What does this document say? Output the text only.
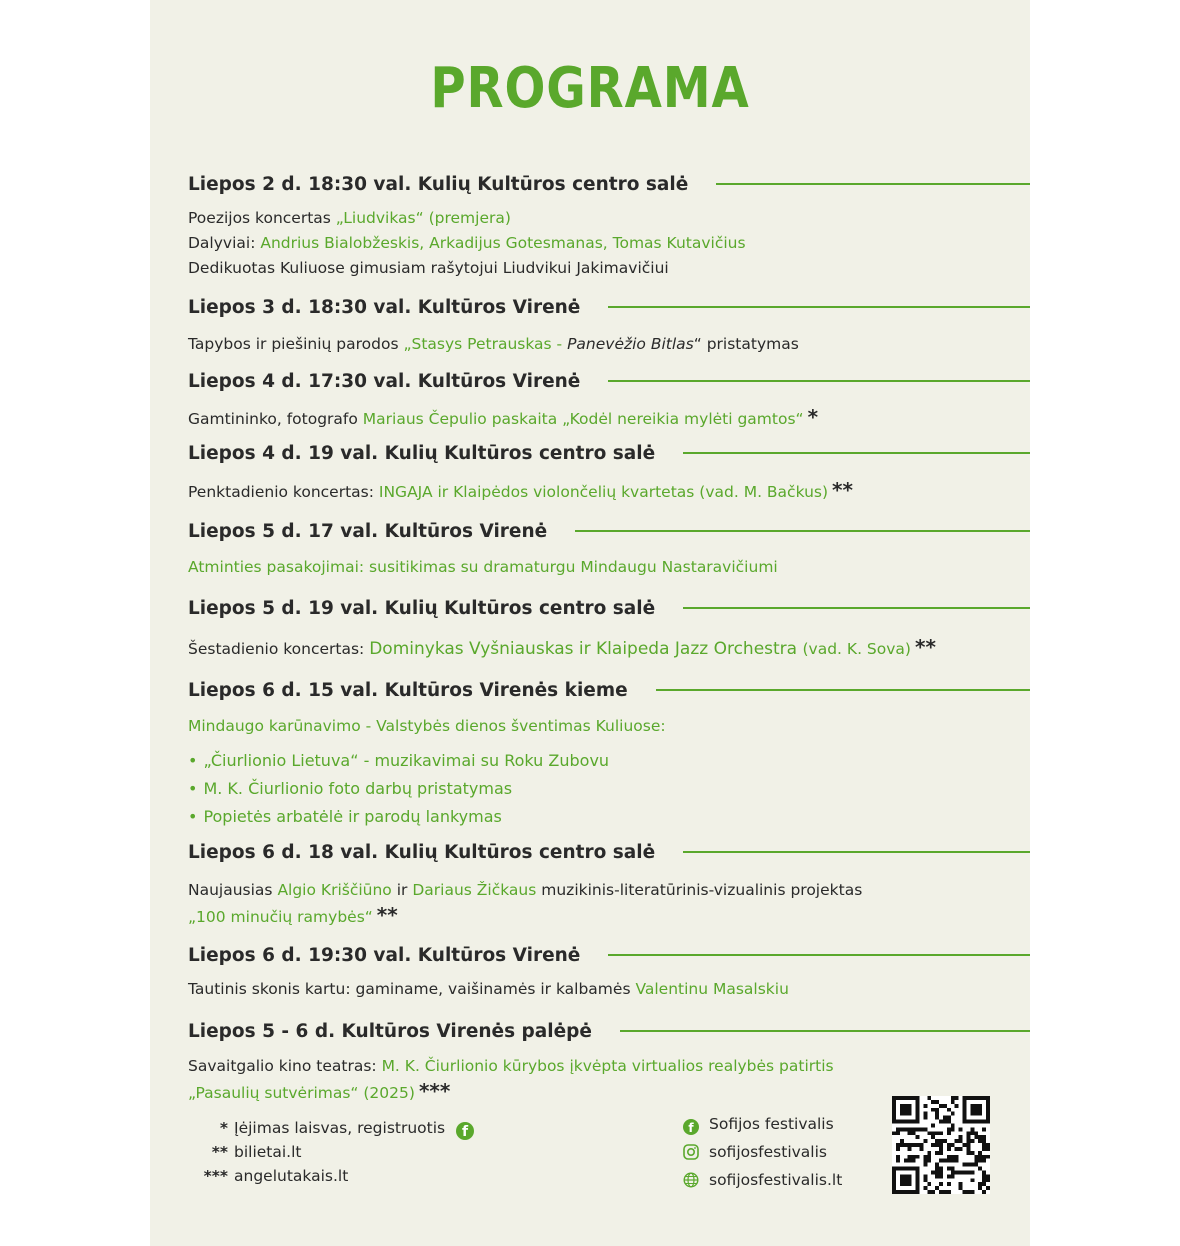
PROGRAMA
Liepos 2 d. 18:30 val. Kulių Kultūros centro salė
Poezijos koncertas „Liudvikas“ (premjera)
Dalyviai: Andrius Bialobžeskis, Arkadijus Gotesmanas, Tomas Kutavičius
Dedikuotas Kuliuose gimusiam rašytojui Liudvikui Jakimavičiui
Liepos 3 d. 18:30 val. Kultūros Virenė
Tapybos ir piešinių parodos „Stasys Petrauskas - Panevėžio Bitlas“ pristatymas
Liepos 4 d. 17:30 val. Kultūros Virenė
Gamtininko, fotografo Mariaus Čepulio paskaita „Kodėl nereikia mylėti gamtos“ *
Liepos 4 d. 19 val. Kulių Kultūros centro salė
Penktadienio koncertas: INGAJA ir Klaipėdos violončelių kvartetas (vad. M. Bačkus) **
Liepos 5 d. 17 val. Kultūros Virenė
Atminties pasakojimai: susitikimas su dramaturgu Mindaugu Nastaravičiumi
Liepos 5 d. 19 val. Kulių Kultūros centro salė
Šestadienio koncertas: Dominykas Vyšniauskas ir Klaipeda Jazz Orchestra (vad. K. Sova) **
Liepos 6 d. 15 val. Kultūros Virenės kieme
Mindaugo karūnavimo - Valstybės dienos šventimas Kuliuose:
• „Čiurlionio Lietuva“ - muzikavimai su Roku Zubovu
• M. K. Čiurlionio foto darbų pristatymas
• Popietės arbatėlė ir parodų lankymas
Liepos 6 d. 18 val. Kulių Kultūros centro salė
Naujausias Algio Kriščiūno ir Dariaus Žičkaus muzikinis-literatūrinis-vizualinis projektas
„100 minučių ramybės“ **
Liepos 6 d. 19:30 val. Kultūros Virenė
Tautinis skonis kartu: gaminame, vaišinamės ir kalbamės Valentinu Masalskiu
Liepos 5 - 6 d. Kultūros Virenės palėpė
Savaitgalio kino teatras: M. K. Čiurlionio kūrybos įkvėpta virtualios realybės patirtis
„Pasaulių sutvėrimas“ (2025) ***
* Įėjimas laisvas, registruotis f
** bilietai.lt
*** angelutakais.lt
f Sofijos festivalis
sofijosfestivalis
sofijosfestivalis.lt
